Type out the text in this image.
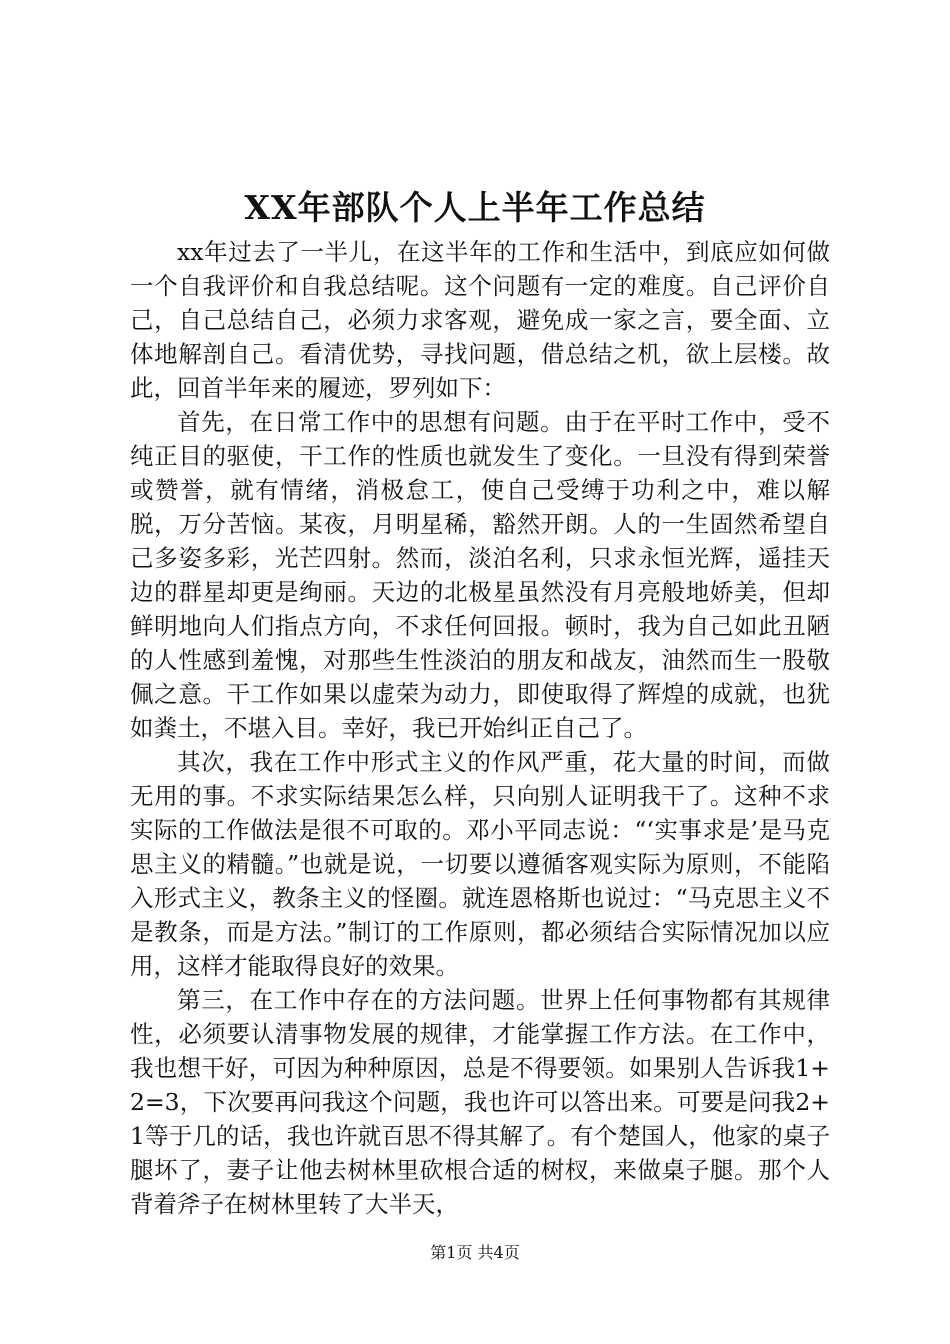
XX年部队个人上半年工作总结

xx年过去了一半儿，在这半年的工作和生活中，到底应如何做一个自我评价和自我总结呢。这个问题有一定的难度。自己评价自己，自己总结自己，必须力求客观，避免成一家之言，要全面、立体地解剖自己。看清优势，寻找问题，借总结之机，欲上层楼。故此，回首半年来的履迹，罗列如下：

首先，在日常工作中的思想有问题。由于在平时工作中，受不纯正目的驱使，干工作的性质也就发生了变化。一旦没有得到荣誉或赞誉，就有情绪，消极怠工，使自己受缚于功利之中，难以解脱，万分苦恼。某夜，月明星稀，豁然开朗。人的一生固然希望自己多姿多彩，光芒四射。然而，淡泊名利，只求永恒光辉，遥挂天边的群星却更是绚丽。天边的北极星虽然没有月亮般地娇美，但却鲜明地向人们指点方向，不求任何回报。顿时，我为自己如此丑陋的人性感到羞愧，对那些生性淡泊的朋友和战友，油然而生一股敬佩之意。干工作如果以虚荣为动力，即使取得了辉煌的成就，也犹如粪土，不堪入目。幸好，我已开始纠正自己了。

其次，我在工作中形式主义的作风严重，花大量的时间，而做无用的事。不求实际结果怎么样，只向别人证明我干了。这种不求实际的工作做法是很不可取的。邓小平同志说：“‘实事求是’是马克思主义的精髓。”也就是说，一切要以遵循客观实际为原则，不能陷入形式主义，教条主义的怪圈。就连恩格斯也说过：“马克思主义不是教条，而是方法。”制订的工作原则，都必须结合实际情况加以应用，这样才能取得良好的效果。

第三，在工作中存在的方法问题。世界上任何事物都有其规律性，必须要认清事物发展的规律，才能掌握工作方法。在工作中，我也想干好，可因为种种原因，总是不得要领。如果别人告诉我1+2=3，下次要再问我这个问题，我也许可以答出来。可要是问我2+1等于几的话，我也许就百思不得其解了。有个楚国人，他家的桌子腿坏了，妻子让他去树林里砍根合适的树杈，来做桌子腿。那个人背着斧子在树林里转了大半天，

第1页 共4页
